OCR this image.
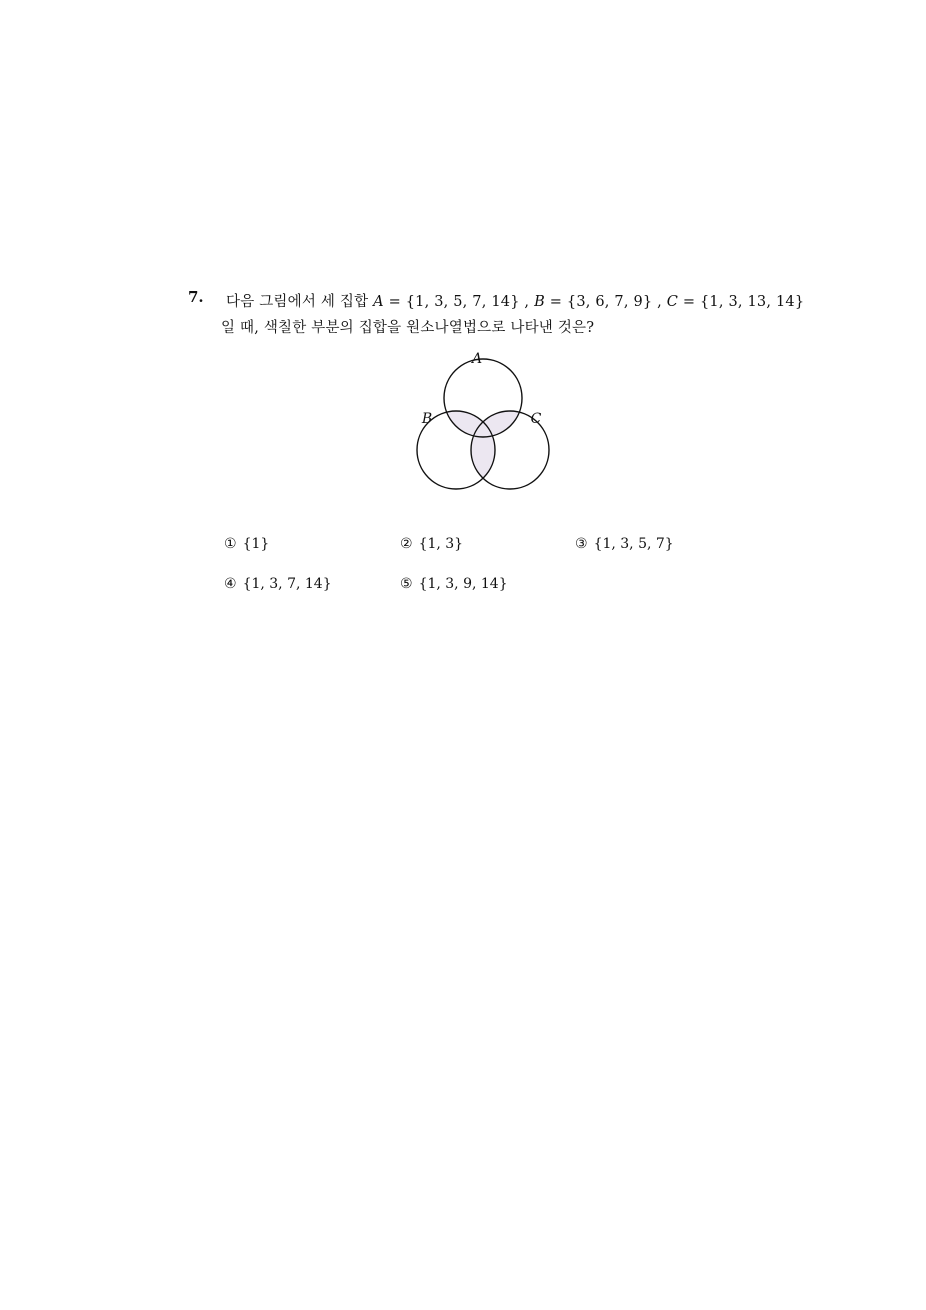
7. 다음 그림에서 세 집합 A = {1, 3, 5, 7, 14} , B = {3, 6, 7, 9} , C = {1, 3, 13, 14}
일 때, 색칠한 부분의 집합을 원소나열법으로 나타낸 것은?
A
B	C
① {1}	② {1, 3}	③ {1, 3, 5, 7}
④ {1, 3, 7, 14}	⑤ {1, 3, 9, 14}
